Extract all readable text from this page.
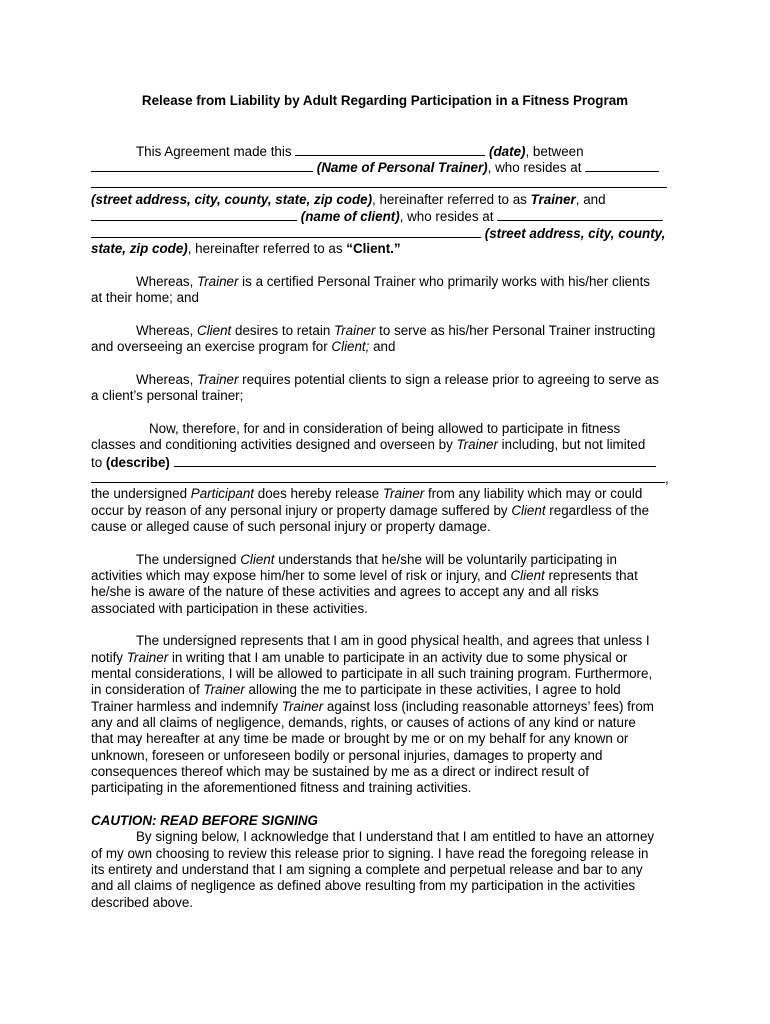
Release from Liability by Adult Regarding Participation in a Fitness Program
This Agreement made this	(date), between
(Name of Personal Trainer), who resides at
(street address, city, county, state, zip code), hereinafter referred to as Trainer, and
(name of client), who resides at
(street address, city, county,
state, zip code), hereinafter referred to as “Client.”
Whereas, Trainer is a certified Personal Trainer who primarily works with his/her clients
at their home; and
Whereas, Client desires to retain Trainer to serve as his/her Personal Trainer instructing
and overseeing an exercise program for Client; and
Whereas, Trainer requires potential clients to sign a release prior to agreeing to serve as
a client’s personal trainer;
Now, therefore, for and in consideration of being allowed to participate in fitness
classes and conditioning activities designed and overseen by Trainer including, but not limited
to (describe)
,
the undersigned Participant does hereby release Trainer from any liability which may or could
occur by reason of any personal injury or property damage suffered by Client regardless of the
cause or alleged cause of such personal injury or property damage.
The undersigned Client understands that he/she will be voluntarily participating in
activities which may expose him/her to some level of risk or injury, and Client represents that
he/she is aware of the nature of these activities and agrees to accept any and all risks
associated with participation in these activities.
The undersigned represents that I am in good physical health, and agrees that unless I
notify Trainer in writing that I am unable to participate in an activity due to some physical or
mental considerations, I will be allowed to participate in all such training program. Furthermore,
in consideration of Trainer allowing the me to participate in these activities, I agree to hold
Trainer harmless and indemnify Trainer against loss (including reasonable attorneys’ fees) from
any and all claims of negligence, demands, rights, or causes of actions of any kind or nature
that may hereafter at any time be made or brought by me or on my behalf for any known or
unknown, foreseen or unforeseen bodily or personal injuries, damages to property and
consequences thereof which may be sustained by me as a direct or indirect result of
participating in the aforementioned fitness and training activities.
CAUTION: READ BEFORE SIGNING
By signing below, I acknowledge that I understand that I am entitled to have an attorney
of my own choosing to review this release prior to signing. I have read the foregoing release in
its entirety and understand that I am signing a complete and perpetual release and bar to any
and all claims of negligence as defined above resulting from my participation in the activities
described above.
